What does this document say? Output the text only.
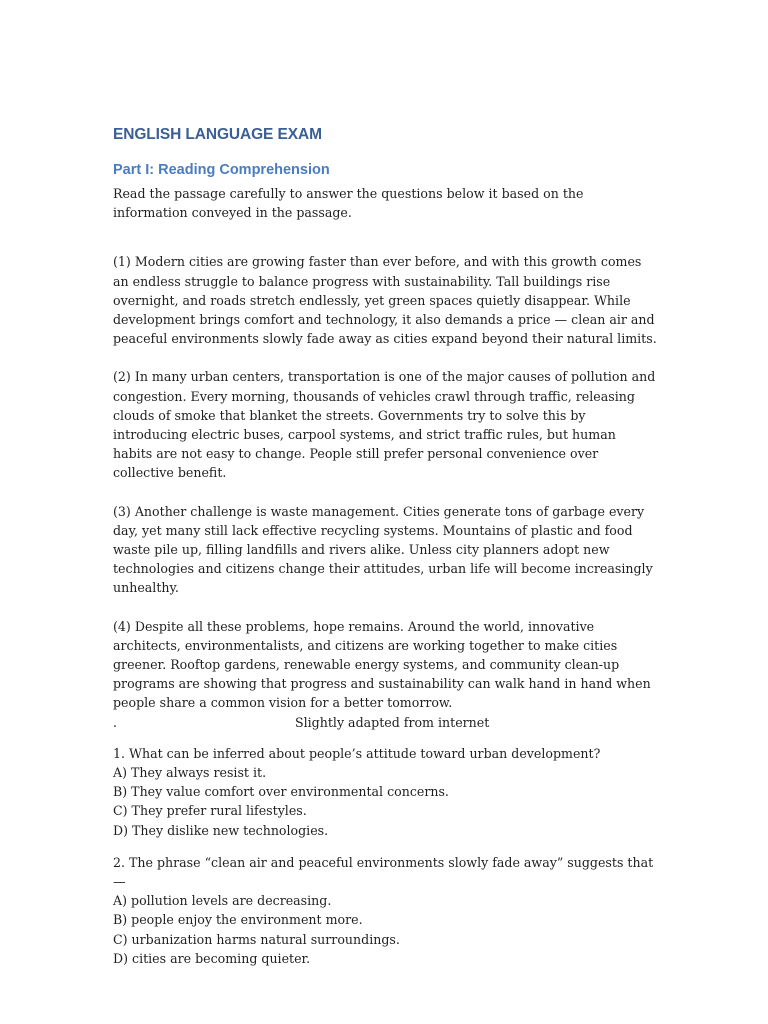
ENGLISH LANGUAGE EXAM
Part I: Reading Comprehension

Read the passage carefully to answer the questions below it based on the information conveyed in the passage.

(1) Modern cities are growing faster than ever before, and with this growth comes an endless struggle to balance progress with sustainability. Tall buildings rise overnight, and roads stretch endlessly, yet green spaces quietly disappear. While development brings comfort and technology, it also demands a price — clean air and peaceful environments slowly fade away as cities expand beyond their natural limits.

(2) In many urban centers, transportation is one of the major causes of pollution and congestion. Every morning, thousands of vehicles crawl through traffic, releasing clouds of smoke that blanket the streets. Governments try to solve this by introducing electric buses, carpool systems, and strict traffic rules, but human habits are not easy to change. People still prefer personal convenience over collective benefit.

(3) Another challenge is waste management. Cities generate tons of garbage every day, yet many still lack effective recycling systems. Mountains of plastic and food waste pile up, filling landfills and rivers alike. Unless city planners adopt new technologies and citizens change their attitudes, urban life will become increasingly unhealthy.

(4) Despite all these problems, hope remains. Around the world, innovative architects, environmentalists, and citizens are working together to make cities greener. Rooftop gardens, renewable energy systems, and community clean-up programs are showing that progress and sustainability can walk hand in hand when people share a common vision for a better tomorrow.

.	Slightly adapted from internet

1. What can be inferred about people’s attitude toward urban development?

A) They always resist it.

B) They value comfort over environmental concerns.

C) They prefer rural lifestyles.

D) They dislike new technologies.

2. The phrase “clean air and peaceful environments slowly fade away” suggests that—

A) pollution levels are decreasing.

B) people enjoy the environment more.

C) urbanization harms natural surroundings.

D) cities are becoming quieter.
